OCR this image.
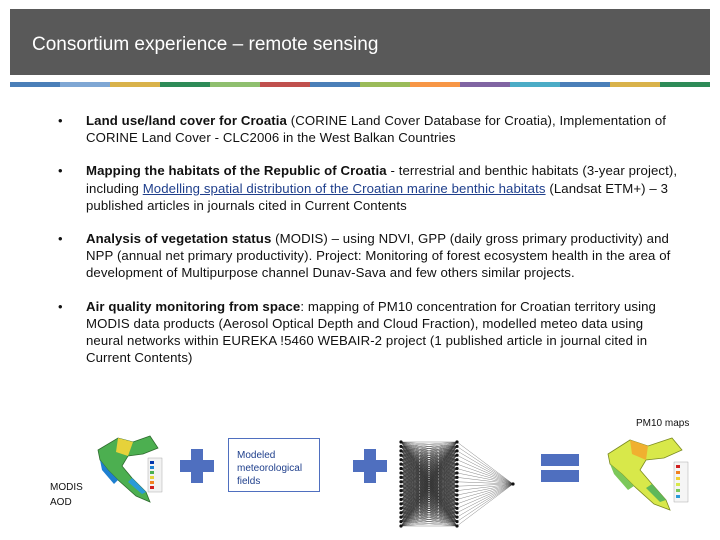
Consortium experience – remote sensing
• Land use/land cover for Croatia (CORINE Land Cover Database for Croatia), Implementation of CORINE Land Cover - CLC2006 in the West Balkan Countries
• Mapping the habitats of the Republic of Croatia - terrestrial and benthic habitats (3-year project), including Modelling spatial distribution of the Croatian marine benthic habitats (Landsat ETM+) – 3 published articles in journals cited in Current Contents
• Analysis of vegetation status (MODIS) – using NDVI, GPP (daily gross primary productivity) and NPP (annual net primary productivity). Project: Monitoring of forest ecosystem health in the area of development of Multipurpose channel Dunav-Sava and few others similar projects.
• Air quality monitoring from space: mapping of PM10 concentration for Croatian territory using MODIS data products (Aerosol Optical Depth and Cloud Fraction), modelled meteo data using neural networks within EUREKA !5460 WEBAIR-2 project (1 published article in journal cited in Current Contents)
PM10 maps
MODIS
AOD
Modeled
meteorological
fields
